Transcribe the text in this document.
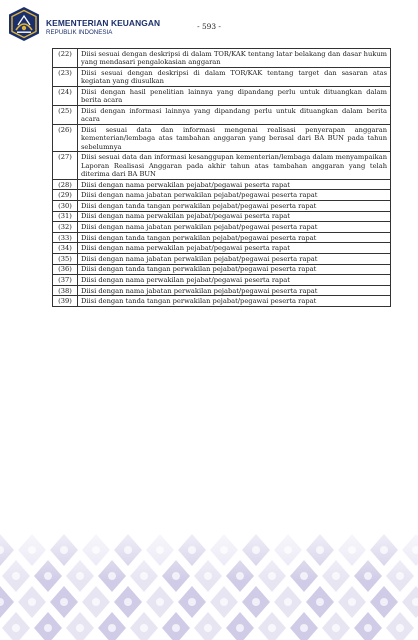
KEMENTERIAN KEUANGAN
REPUBLIK INDONESIA
- 593 -
(22)	Diisi sesuai dengan deskripsi di dalam TOR/KAK tentang latar belakang dan dasar hukum yang mendasari pengalokasian anggaran
(23)	Diisi sesuai dengan deskripsi di dalam TOR/KAK tentang target dan sasaran atas kegiatan yang diusulkan
(24)	Diisi dengan hasil penelitian lainnya yang dipandang perlu untuk dituangkan dalam berita acara
(25)	Diisi dengan informasi lainnya yang dipandang perlu untuk dituangkan dalam berita acara
(26)	Diisi sesuai data dan informasi mengenai realisasi penyerapan anggaran kementerian/lembaga atas tambahan anggaran yang berasal dari BA BUN pada tahun sebelumnya
(27)	Diisi sesuai data dan informasi kesanggupan kementerian/lembaga dalam menyampaikan Laporan Realisasi Anggaran pada akhir tahun atas tambahan anggaran yang telah diterima dari BA BUN
(28)	Diisi dengan nama perwakilan pejabat/pegawai peserta rapat
(29)	Diisi dengan nama jabatan perwakilan pejabat/pegawai peserta rapat
(30)	Diisi dengan tanda tangan perwakilan pejabat/pegawai peserta rapat
(31)	Diisi dengan nama perwakilan pejabat/pegawai peserta rapat
(32)	Diisi dengan nama jabatan perwakilan pejabat/pegawai peserta rapat
(33)	Diisi dengan tanda tangan perwakilan pejabat/pegawai peserta rapat
(34)	Diisi dengan nama perwakilan pejabat/pegawai peserta rapat
(35)	Diisi dengan nama jabatan perwakilan pejabat/pegawai peserta rapat
(36)	Diisi dengan tanda tangan perwakilan pejabat/pegawai peserta rapat
(37)	Diisi dengan nama perwakilan pejabat/pegawai peserta rapat
(38)	Diisi dengan nama jabatan perwakilan pejabat/pegawai peserta rapat
(39)	Diisi dengan tanda tangan perwakilan pejabat/pegawai peserta rapat
